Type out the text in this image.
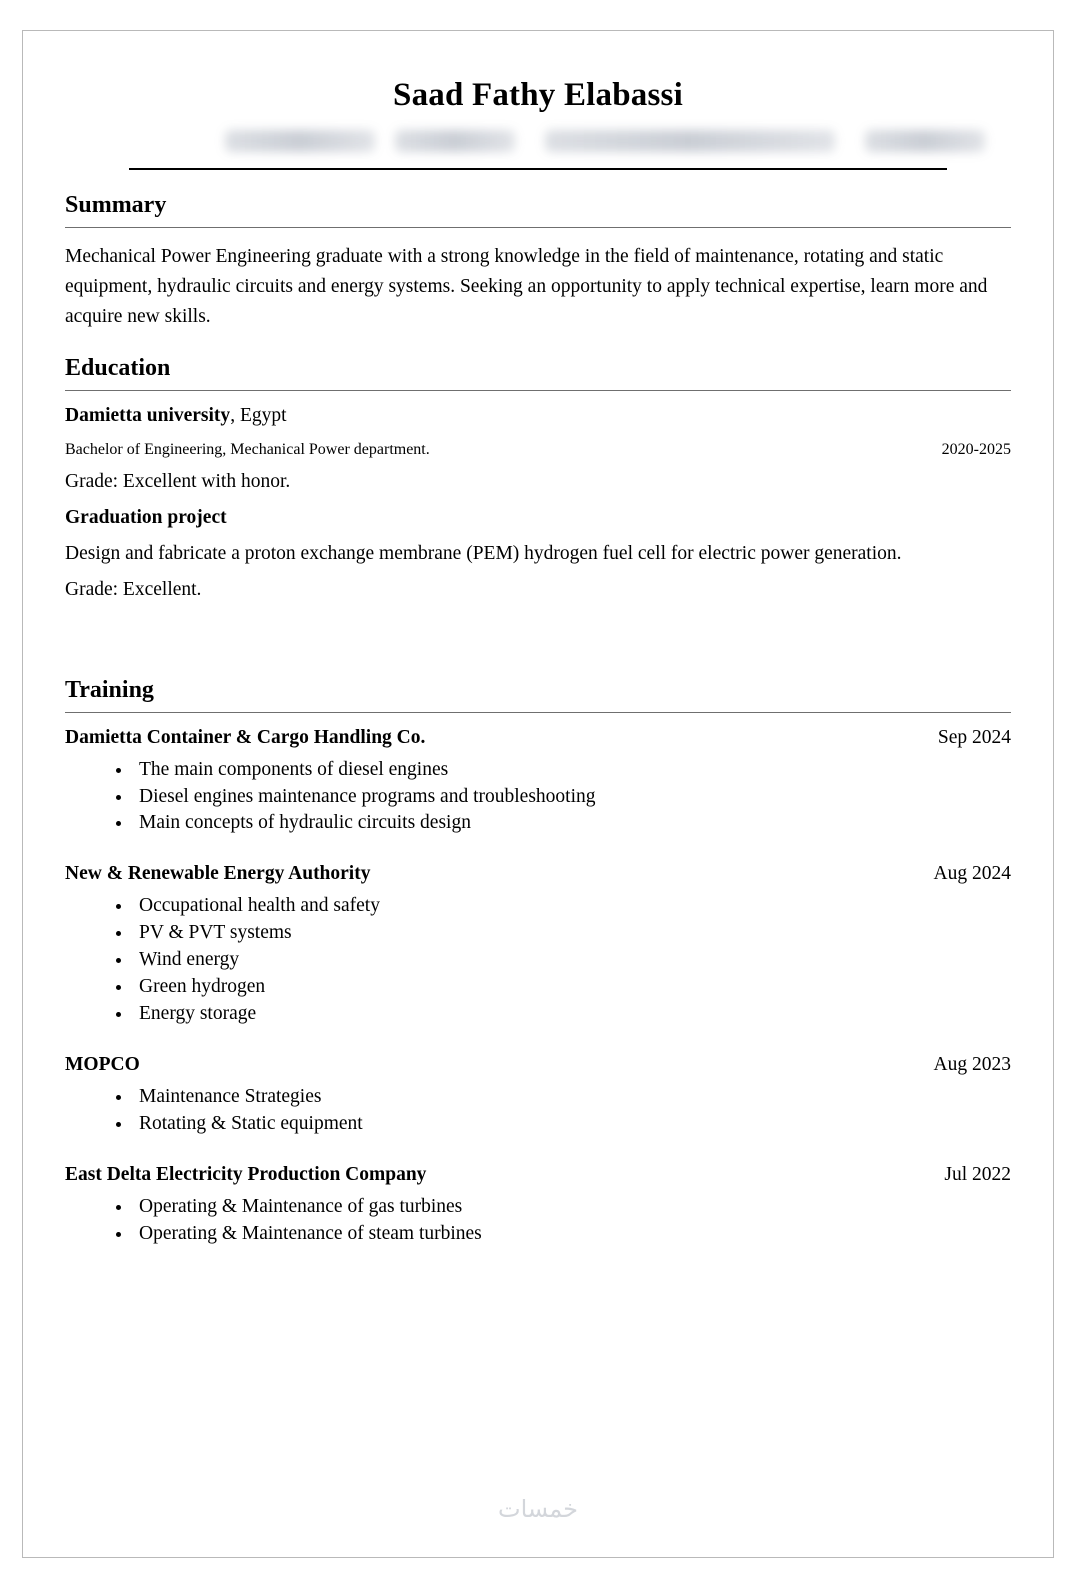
Saad Fathy Elabassi
Summary

Mechanical Power Engineering graduate with a strong knowledge in the field of maintenance, rotating and static equipment, hydraulic circuits and energy systems. Seeking an opportunity to apply technical expertise, learn more and acquire new skills.

Education
Damietta university, Egypt
Bachelor of Engineering, Mechanical Power department.	2020-2025
Grade: Excellent with honor.
Graduation project
Design and fabricate a proton exchange membrane (PEM) hydrogen fuel cell for electric power generation.
Grade: Excellent.
Training
Damietta Container & Cargo Handling Co.	Sep 2024
• The main components of diesel engines
• Diesel engines maintenance programs and troubleshooting
• Main concepts of hydraulic circuits design
New & Renewable Energy Authority	Aug 2024
• Occupational health and safety
• PV & PVT systems
• Wind energy
• Green hydrogen
• Energy storage
MOPCO	Aug 2023
• Maintenance Strategies
• Rotating & Static equipment
East Delta Electricity Production Company	Jul 2022
• Operating & Maintenance of gas turbines
• Operating & Maintenance of steam turbines
خمسات
